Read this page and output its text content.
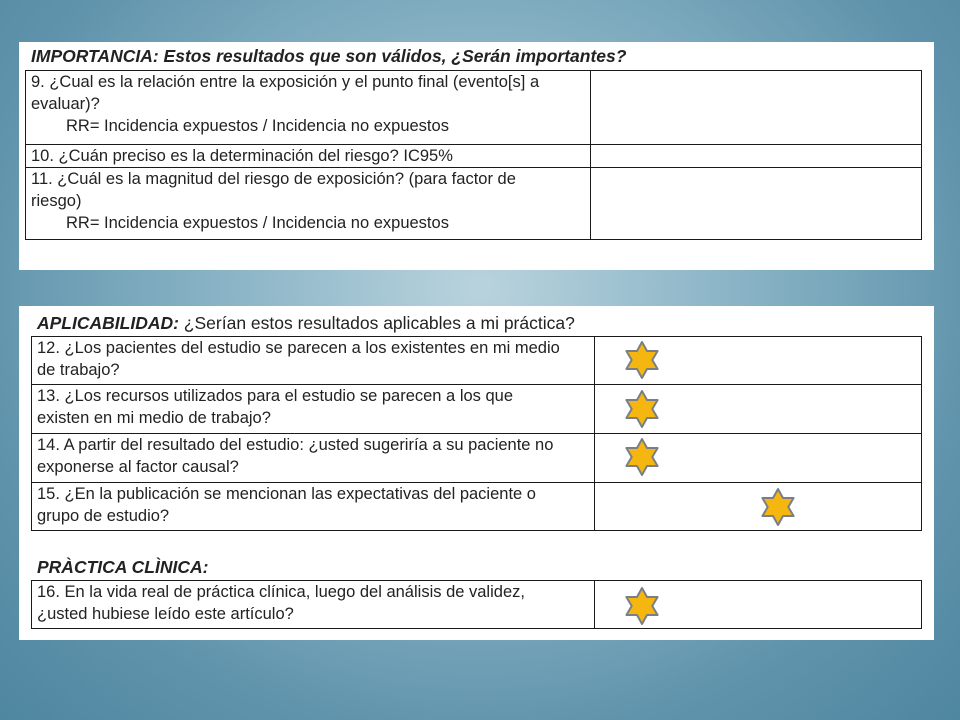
IMPORTANCIA: Estos resultados que son válidos, ¿Serán importantes?
9. ¿Cual es la relación entre la exposición y el punto final (evento[s] a
evaluar)?
RR= Incidencia expuestos / Incidencia no expuestos	

10. ¿Cuán preciso es la determinación del riesgo? IC95%	

11. ¿Cuál es la magnitud del riesgo de exposición? (para factor de
riesgo)
RR= Incidencia expuestos / Incidencia no expuestos	

APLICABILIDAD: ¿Serían estos resultados aplicables a mi práctica?
12. ¿Los pacientes del estudio se parecen a los existentes en mi medio
de trabajo?	

13. ¿Los recursos utilizados para el estudio se parecen a los que
existen en mi medio de trabajo?	

14. A partir del resultado del estudio: ¿usted sugeriría a su paciente no
exponerse al factor causal?	

15. ¿En la publicación se mencionan las expectativas del paciente o
grupo de estudio?	

PRÀCTICA CLÌNICA:
16. En la vida real de práctica clínica, luego del análisis de validez,
¿usted hubiese leído este artículo?
